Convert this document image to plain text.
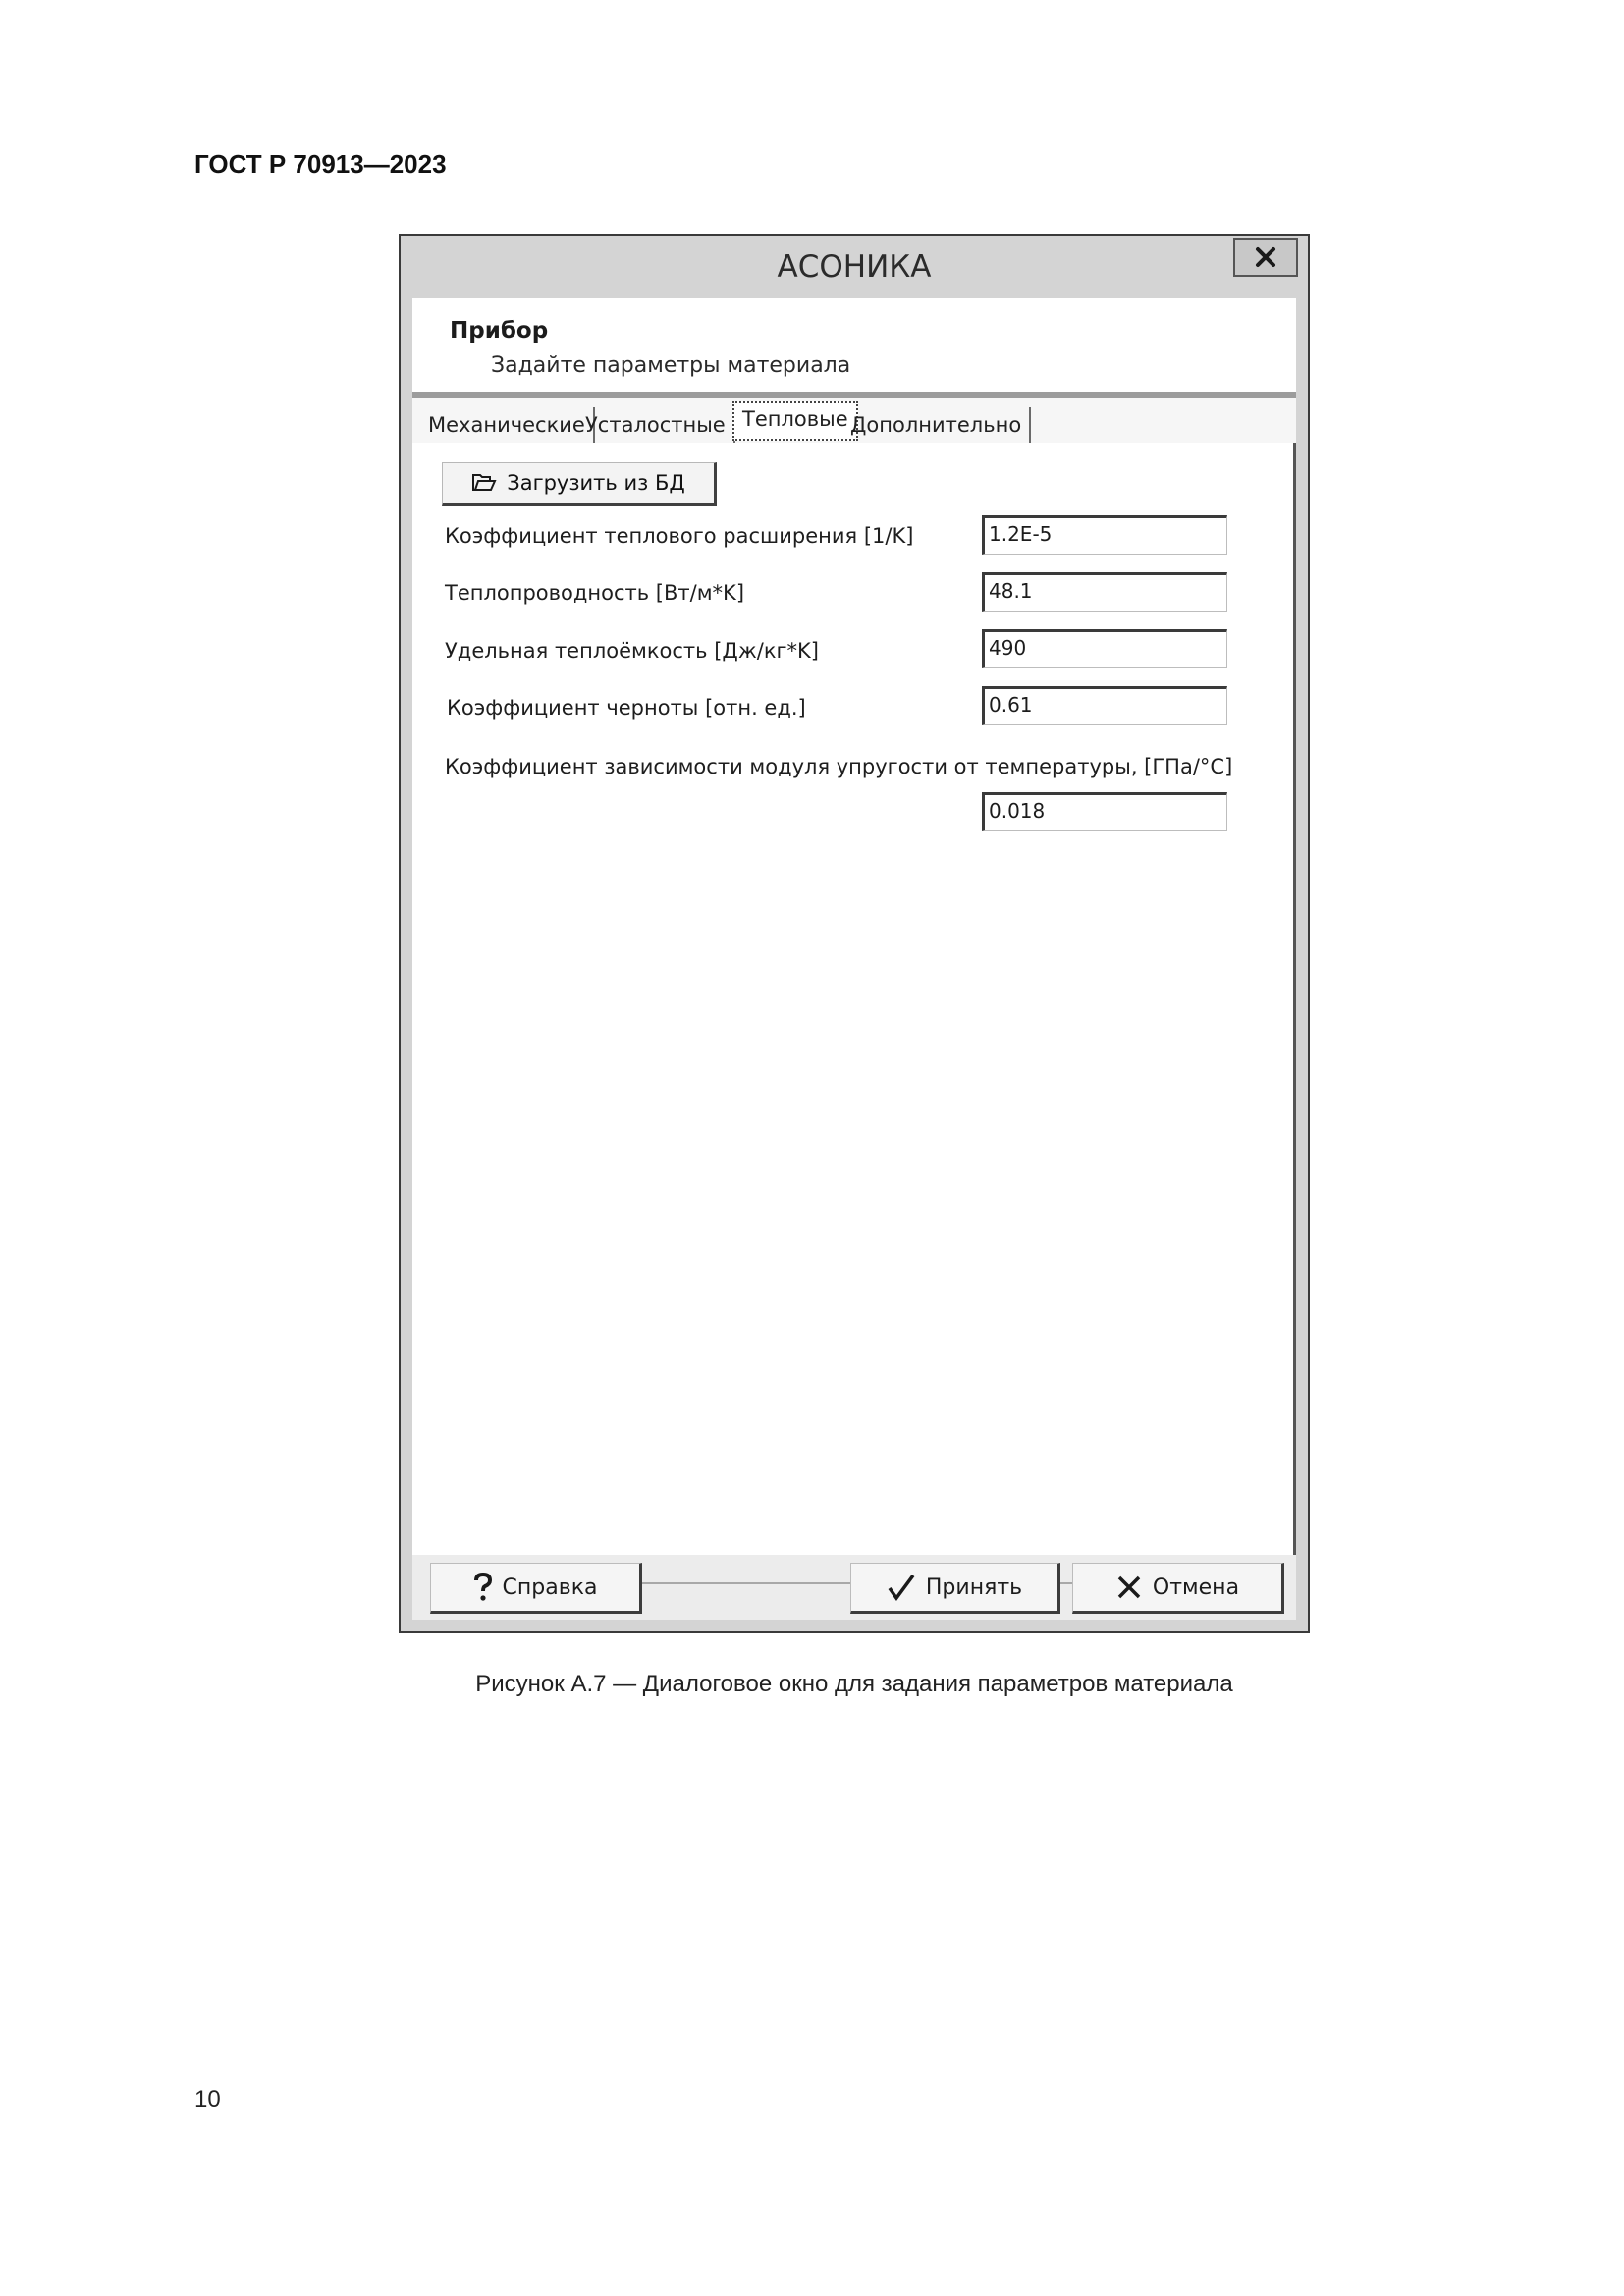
ГОСТ Р 70913—2023
АСОНИКА
Прибор
Задайте параметры материала
Механические Усталостные Тепловые Дополнительно
Загрузить из БД
Коэффициент теплового расширения [1/K]	1.2E-5
Теплопроводность [Вт/м*K]	48.1
Удельная теплоёмкость [Дж/кг*K]	490
Коэффициент черноты [отн. ед.]	0.61
Коэффициент зависимости модуля упругости от температуры, [ГПа/°C]
0.018
Справка	Принять	Отмена
Рисунок А.7 — Диалоговое окно для задания параметров материала
10
